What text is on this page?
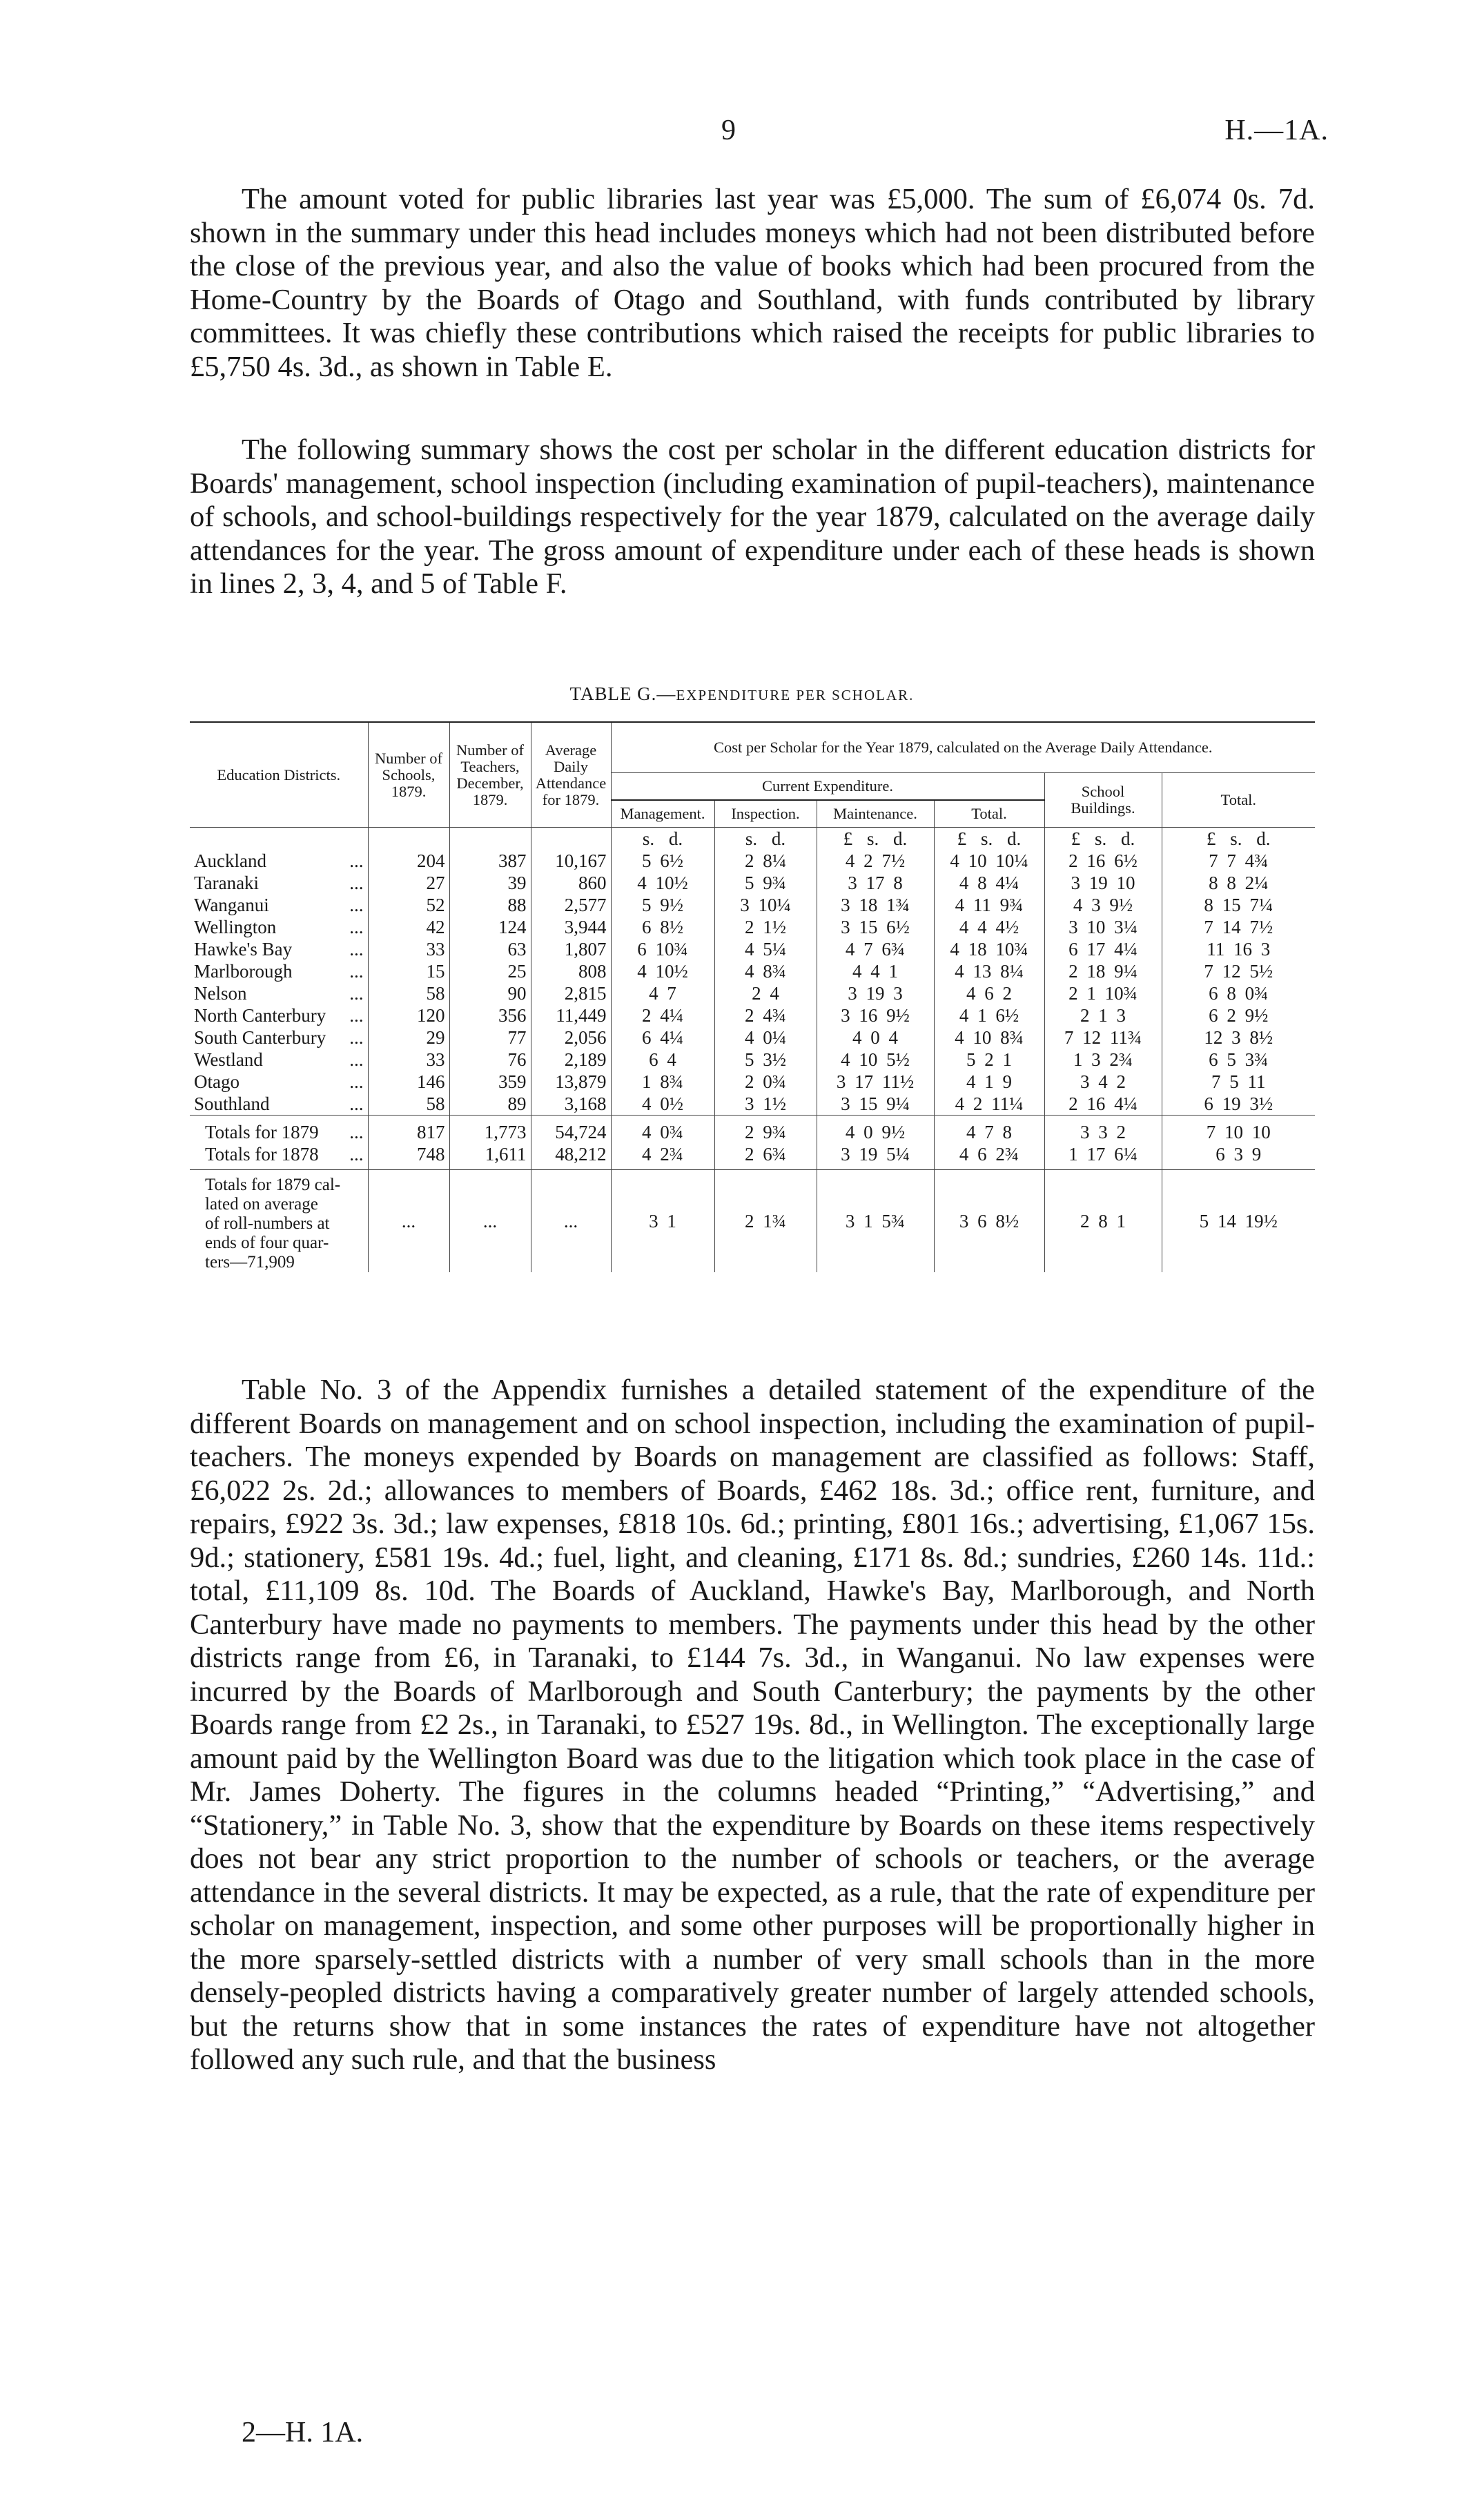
9	H.—1A.

The amount voted for public libraries last year was £5,000. The sum of £6,074 0s. 7d. shown in the summary under this head includes moneys which had not been distributed before the close of the previous year, and also the value of books which had been procured from the Home-Country by the Boards of Otago and Southland, with funds contributed by library committees. It was chiefly these contributions which raised the receipts for public libraries to £5,750 4s. 3d., as shown in Table E.

The following summary shows the cost per scholar in the different education districts for Boards' management, school inspection (including examination of pupil-teachers), maintenance of schools, and school-buildings respectively for the year 1879, calculated on the average daily attendances for the year. The gross amount of expenditure under each of these heads is shown in lines 2, 3, 4, and 5 of Table F.

TABLE G.—EXPENDITURE PER SCHOLAR.
Education Districts.	Number of Schools, 1879.	Number of Teachers, December, 1879.	Average Daily Attendance for 1879.	Cost per Scholar for the Year 1879, calculated on the Average Daily Attendance.					
				Current Expenditure.				School Buildings.	Total.
				Management.	Inspection.	Maintenance.	Total.		
				s. d.	s. d.	£ s. d.	£ s. d.	£ s. d.	£ s. d.
Auckland ...	204	387	10,167	5 6½	2 8¼	4 2 7½	4 10 10¼	2 16 6½	7 7 4¾
Taranaki ...	27	39	860	4 10½	5 9¾	3 17 8	4 8 4¼	3 19 10	8 8 2¼
Wanganui ...	52	88	2,577	5 9½	3 10¼	3 18 1¾	4 11 9¾	4 3 9½	8 15 7¼
Wellington ...	42	124	3,944	6 8½	2 1½	3 15 6½	4 4 4½	3 10 3¼	7 14 7½
Hawke's Bay ...	33	63	1,807	6 10¾	4 5¼	4 7 6¾	4 18 10¾	6 17 4¼	11 16 3
Marlborough ...	15	25	808	4 10½	4 8¾	4 4 1	4 13 8¼	2 18 9¼	7 12 5½
Nelson ...	58	90	2,815	4 7	2 4	3 19 3	4 6 2	2 1 10¾	6 8 0¾
North Canterbury ...	120	356	11,449	2 4¼	2 4¾	3 16 9½	4 1 6½	2 1 3	6 2 9½
South Canterbury ...	29	77	2,056	6 4¼	4 0¼	4 0 4	4 10 8¾	7 12 11¾	12 3 8½
Westland ...	33	76	2,189	6 4	5 3½	4 10 5½	5 2 1	1 3 2¾	6 5 3¾
Otago ...	146	359	13,879	1 8¾	2 0¾	3 17 11½	4 1 9	3 4 2	7 5 11
Southland ...	58	89	3,168	4 0½	3 1½	3 15 9¼	4 2 11¼	2 16 4¼	6 19 3½
Totals for 1879 ...	817	1,773	54,724	4 0¾	2 9¾	4 0 9½	4 7 8	3 3 2	7 10 10
Totals for 1878 ...	748	1,611	48,212	4 2¾	2 6¾	3 19 5¼	4 6 2¾	1 17 6¼	6 3 9

Totals for 1879 cal-
lated on average
of roll-numbers at
ends of four quar-
ters—71,909	...	...	...	3 1	2 1¾	3 1 5¾	3 6 8½	2 8 1	5 14 19½

Table No. 3 of the Appendix furnishes a detailed statement of the expenditure of the different Boards on management and on school inspection, including the examination of pupil-teachers. The moneys expended by Boards on management are classified as follows: Staff, £6,022 2s. 2d.; allowances to members of Boards, £462 18s. 3d.; office rent, furniture, and repairs, £922 3s. 3d.; law expenses, £818 10s. 6d.; printing, £801 16s.; advertising, £1,067 15s. 9d.; stationery, £581 19s. 4d.; fuel, light, and cleaning, £171 8s. 8d.; sundries, £260 14s. 11d.: total, £11,109 8s. 10d. The Boards of Auckland, Hawke's Bay, Marlborough, and North Canterbury have made no payments to members. The payments under this head by the other districts range from £6, in Taranaki, to £144 7s. 3d., in Wanganui. No law expenses were incurred by the Boards of Marlborough and South Canterbury; the payments by the other Boards range from £2 2s., in Taranaki, to £527 19s. 8d., in Wellington. The exceptionally large amount paid by the Wellington Board was due to the litigation which took place in the case of Mr. James Doherty. The figures in the columns headed “Printing,” “Advertising,” and “Stationery,” in Table No. 3, show that the expenditure by Boards on these items respectively does not bear any strict proportion to the number of schools or teachers, or the average attendance in the several districts. It may be expected, as a rule, that the rate of expenditure per scholar on management, inspection, and some other purposes will be proportionally higher in the more sparsely-settled districts with a number of very small schools than in the more densely-peopled districts having a comparatively greater number of largely attended schools, but the returns show that in some instances the rates of expenditure have not altogether followed any such rule, and that the business

2—H. 1A.
